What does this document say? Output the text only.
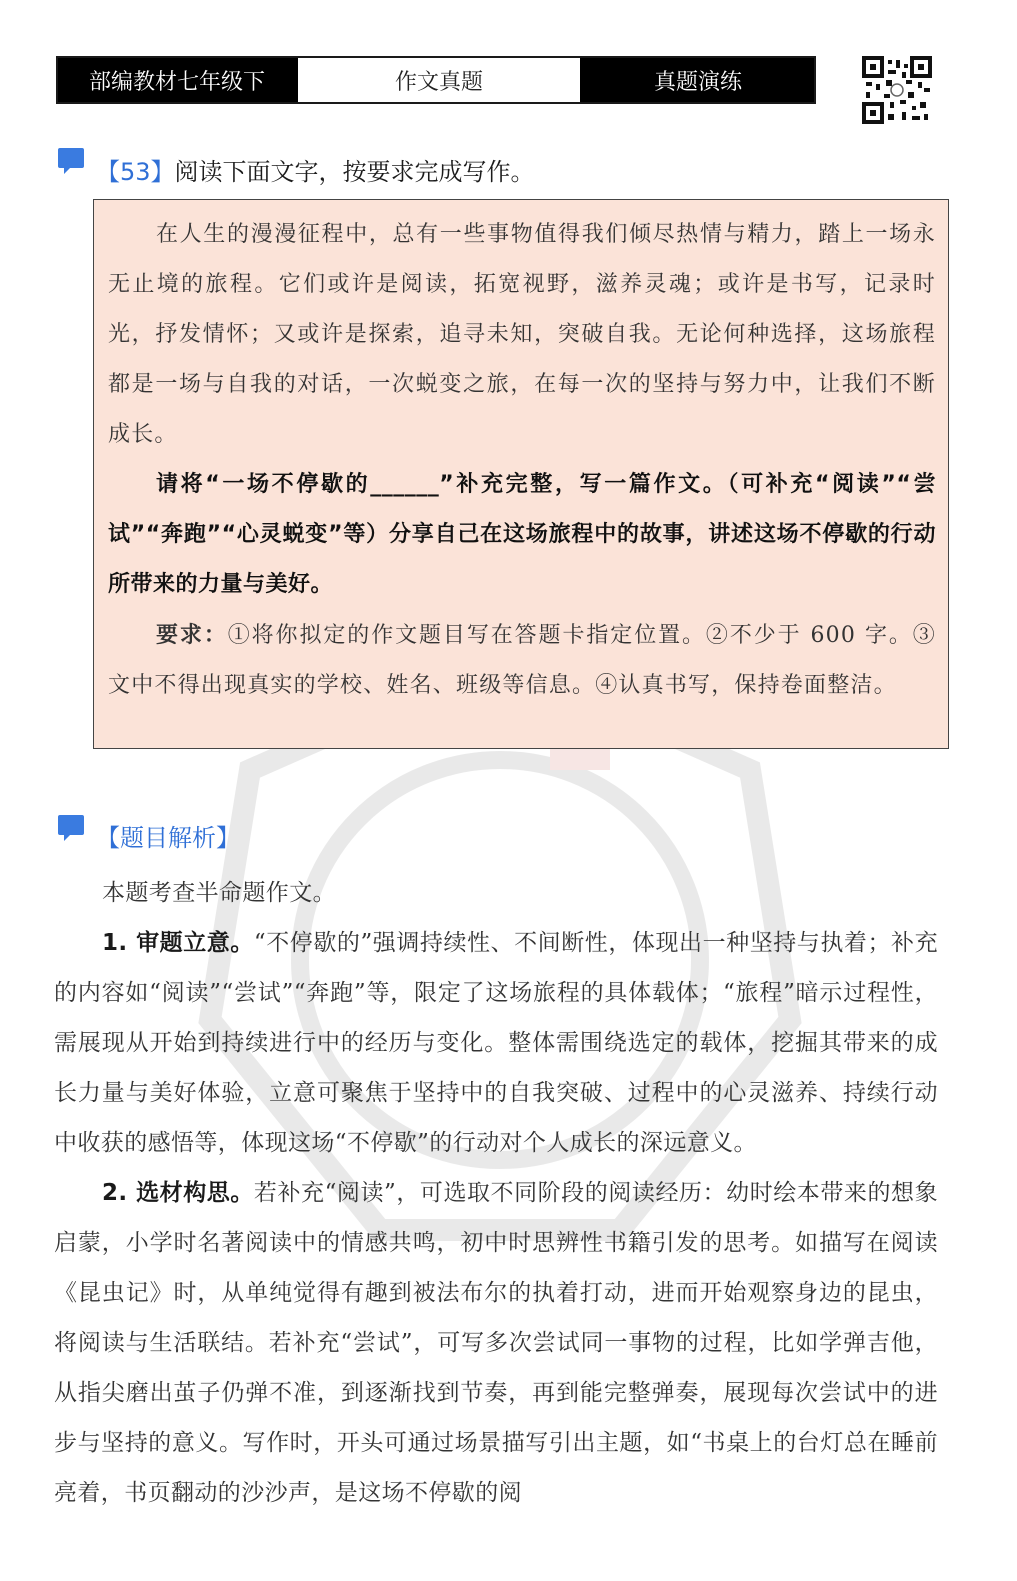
部编教材七年级下	作文真题	真题演练
【53】阅读下面文字，按要求完成写作。

在人生的漫漫征程中，总有一些事物值得我们倾尽热情与精力，踏上一场永无止境的旅程。它们或许是阅读，拓宽视野，滋养灵魂；或许是书写，记录时光，抒发情怀；又或许是探索，追寻未知，突破自我。无论何种选择，这场旅程都是一场与自我的对话，一次蜕变之旅，在每一次的坚持与努力中，让我们不断成长。

请将“一场不停歇的______”补充完整，写一篇作文。（可补充“阅读”“尝试”“奔跑”“心灵蜕变”等）分享自己在这场旅程中的故事，讲述这场不停歇的行动所带来的力量与美好。

要求：①将你拟定的作文题目写在答题卡指定位置。②不少于 600 字。③文中不得出现真实的学校、姓名、班级等信息。④认真书写，保持卷面整洁。

【题目解析】

本题考查半命题作文。

1. 审题立意。“不停歇的”强调持续性、不间断性，体现出一种坚持与执着；补充的内容如“阅读”“尝试”“奔跑”等，限定了这场旅程的具体载体；“旅程”暗示过程性，需展现从开始到持续进行中的经历与变化。整体需围绕选定的载体，挖掘其带来的成长力量与美好体验，立意可聚焦于坚持中的自我突破、过程中的心灵滋养、持续行动中收获的感悟等，体现这场“不停歇”的行动对个人成长的深远意义。

2. 选材构思。若补充“阅读”，可选取不同阶段的阅读经历：幼时绘本带来的想象启蒙，小学时名著阅读中的情感共鸣，初中时思辨性书籍引发的思考。如描写在阅读《昆虫记》时，从单纯觉得有趣到被法布尔的执着打动，进而开始观察身边的昆虫，将阅读与生活联结。若补充“尝试”，可写多次尝试同一事物的过程，比如学弹吉他，从指尖磨出茧子仍弹不准，到逐渐找到节奏，再到能完整弹奏，展现每次尝试中的进步与坚持的意义。写作时，开头可通过场景描写引出主题，如“书桌上的台灯总在睡前亮着，书页翻动的沙沙声，是这场不停歇的阅
